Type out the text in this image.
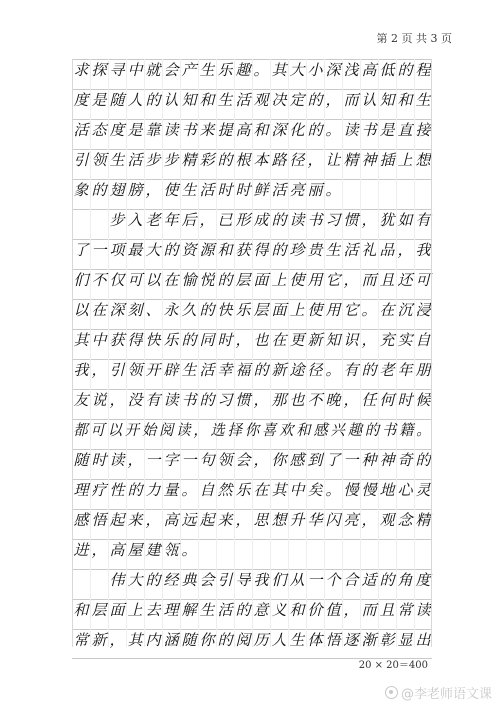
第 2 页 共 3 页
求 探 寻 中 就 会 产 生 乐 趣 。 其 大 小 深 浅 高 低 的 程
度 是 随 人 的 认 知 和 生 活 观 决 定 的 ， 而 认 知 和 生
活 态 度 是 靠 读 书 来 提 高 和 深 化 的 。 读 书 是 直 接
引 领 生 活 步 步 精 彩 的 根 本 路 径 ， 让 精 神 插 上 想
象 的 翅 膀 ， 使 生 活 时 时 鲜 活 亮 丽 。

步 入 老 年 后 ， 已 形 成 的 读 书 习 惯 ， 犹 如 有
了 一 项 最 大 的 资 源 和 获 得 的 珍 贵 生 活 礼 品 ， 我
们 不 仅 可 以 在 愉 悦 的 层 面 上 使 用 它 ， 而 且 还 可
以 在 深 刻 、 永 久 的 快 乐 层 面 上 使 用 它 。 在 沉 浸
其 中 获 得 快 乐 的 同 时 ， 也 在 更 新 知 识 ， 充 实 自
我 ， 引 领 开 辟 生 活 幸 福 的 新 途 径 。 有 的 老 年 朋
友 说 ， 没 有 读 书 的 习 惯 ， 那 也 不 晚 ， 任 何 时 候
都 可 以 开 始 阅 读 ， 选 择 你 喜 欢 和 感 兴 趣 的 书 籍 。
随 时 读 ， 一 字 一 句 领 会 ， 你 感 到 了 一 种 神 奇 的
理 疗 性 的 力 量 。 自 然 乐 在 其 中 矣 。 慢 慢 地 心 灵
感 悟 起 来 ， 高 远 起 来 ， 思 想 升 华 闪 亮 ， 观 念 精
进 ， 高 屋 建 瓴 。

伟 大 的 经 典 会 引 导 我 们 从 一 个 合 适 的 角 度
和 层 面 上 去 理 解 生 活 的 意 义 和 价 值 ， 而 且 常 读
常 新 ， 其 内 涵 随 你 的 阅 历 人 生 体 悟 逐 渐 彰 显 出
20 × 20＝400
@李老师语文课
